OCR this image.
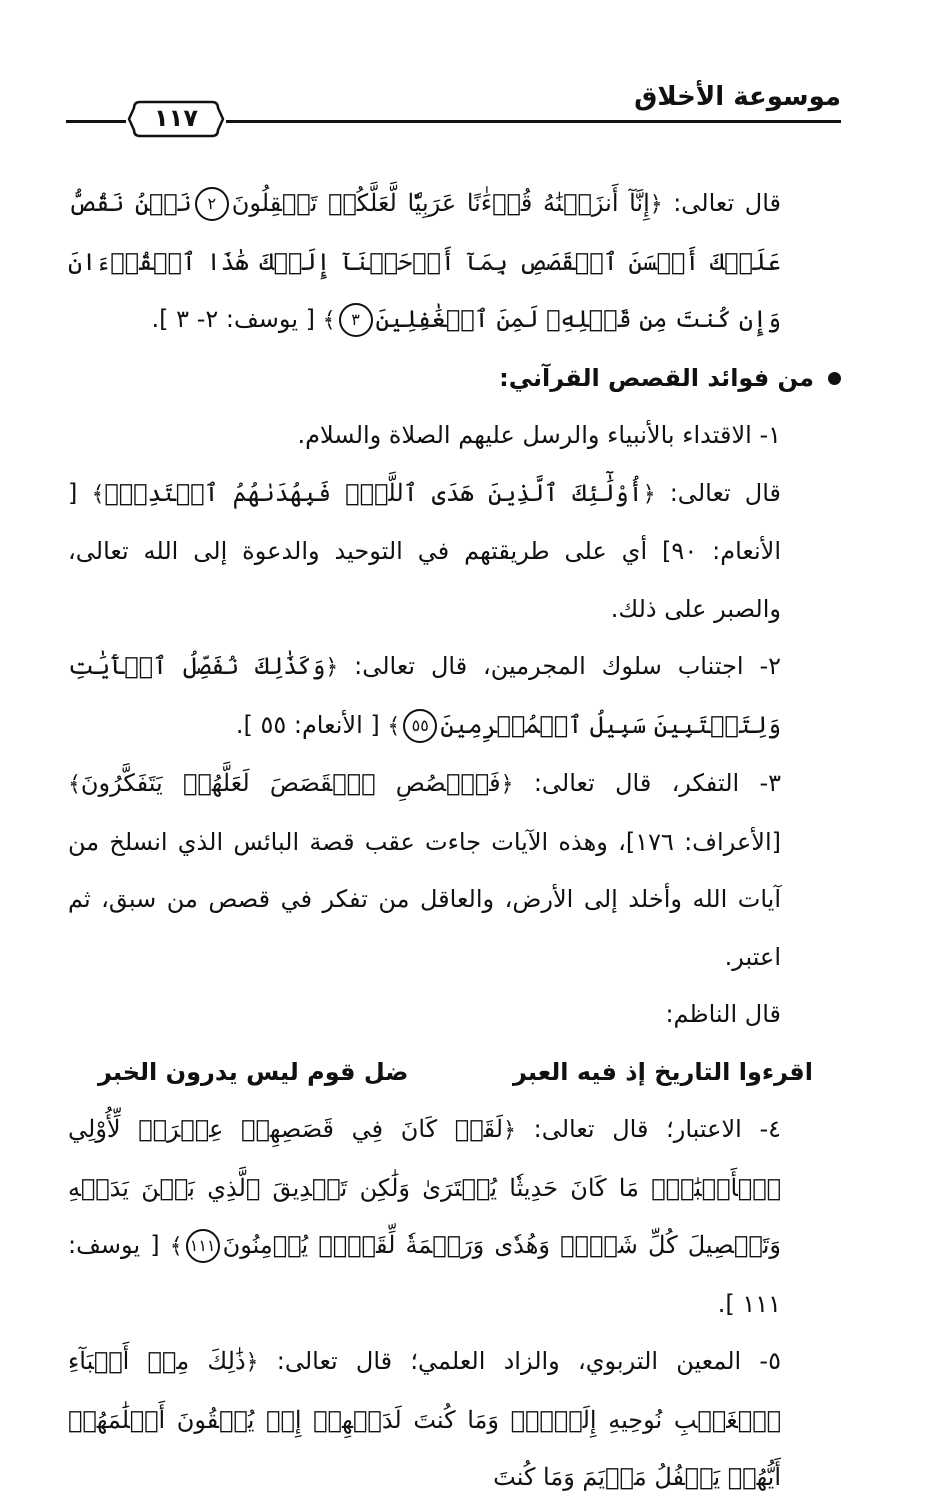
موسوعة الأخلاق
١١٧

قال تعالى: ﴿إِنَّآ أَنزَلۡنَٰهُ قُرۡءَٰنًا عَرَبِيّٗا لَّعَلَّكُمۡ تَعۡقِلُونَ٢نَحۡنُ نَقُصُّ عَلَيۡكَ أَحۡسَنَ ٱلۡقَصَصِ بِمَآ أَوۡحَيۡنَآ إِلَيۡكَ هَٰذَا ٱلۡقُرۡءَانَ وَإِن كُنتَ مِن قَبۡلِهِۦ لَمِنَ ٱلۡغَٰفِلِينَ٣﴾ [ يوسف: ٢- ٣ ].

من فوائد القصص القرآني:

١- الاقتداء بالأنبياء والرسل عليهم الصلاة والسلام.

قال تعالى: ﴿أُوْلَٰٓئِكَ ٱلَّذِينَ هَدَى ٱللَّهُۖ فَبِهُدَىٰهُمُ ٱقۡتَدِهۡۗ﴾ [ الأنعام: ٩٠] أي على طريقتهم في التوحيد والدعوة إلى الله تعالى، والصبر على ذلك.

٢- اجتناب سلوك المجرمين، قال تعالى: ﴿وَكَذَٰلِكَ نُفَصِّلُ ٱلۡأٓيَٰتِ وَلِتَسۡتَبِينَ سَبِيلُ ٱلۡمُجۡرِمِينَ٥٥﴾ [ الأنعام: ٥٥ ].

٣- التفكر، قال تعالى: ﴿فَٱقۡصُصِ ٱلۡقَصَصَ لَعَلَّهُمۡ يَتَفَكَّرُونَ﴾ [الأعراف: ١٧٦]، وهذه الآيات جاءت عقب قصة البائس الذي انسلخ من آيات الله وأخلد إلى الأرض، والعاقل من تفكر في قصص من سبق، ثم اعتبر.

قال الناظم:

اقرءوا التاريخ إذ فيه العبر
ضل قوم ليس يدرون الخبر

٤- الاعتبار؛ قال تعالى: ﴿لَقَدۡ كَانَ فِي قَصَصِهِمۡ عِبۡرَةٞ لِّأُوْلِي ٱلۡأَلۡبَٰبِۗ مَا كَانَ حَدِيثٗا يُفۡتَرَىٰ وَلَٰكِن تَصۡدِيقَ ٱلَّذِي بَيۡنَ يَدَيۡهِ وَتَفۡصِيلَ كُلِّ شَيۡءٖ وَهُدٗى وَرَحۡمَةٗ لِّقَوۡمٖ يُؤۡمِنُونَ١١١﴾ [ يوسف: ١١١ ].

٥- المعين التربوي، والزاد العلمي؛ قال تعالى: ﴿ذَٰلِكَ مِنۡ أَنۢبَآءِ ٱلۡغَيۡبِ نُوحِيهِ إِلَيۡكَۚ وَمَا كُنتَ لَدَيۡهِمۡ إِذۡ يُلۡقُونَ أَقۡلَٰمَهُمۡ أَيُّهُمۡ يَكۡفُلُ مَرۡيَمَ وَمَا كُنتَ
